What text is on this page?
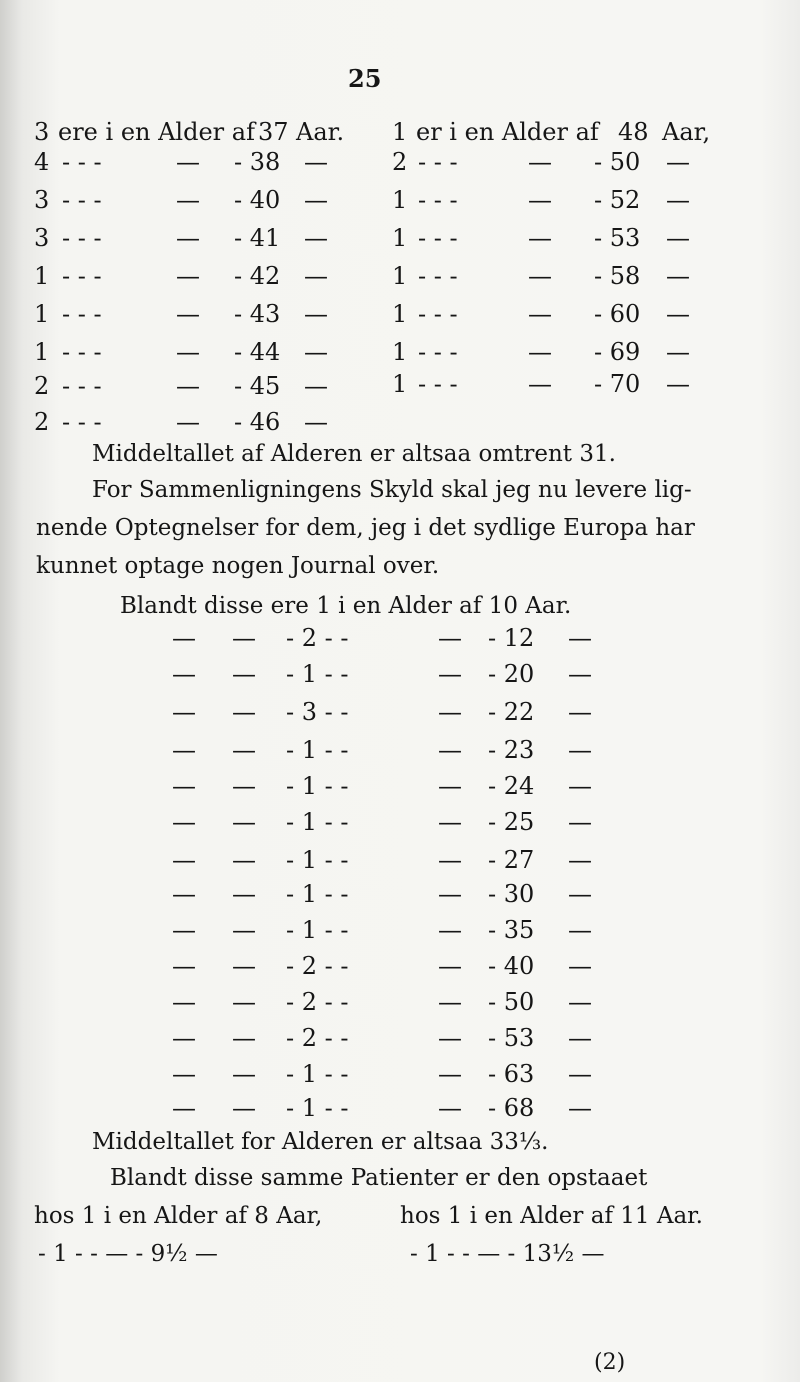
25
3 ere i en Alder af 37 Aar.
4 - - -	— - 38 —
3 - - -	— - 40 —
3 - - -	— - 41 —
1 - - -	— - 42 —
1 - - -	— - 43 —
1 - - -	— - 44 —
2 - - -	— - 45 —
2 - - -	— - 46 —
1 er i en Alder af 48 Aar,
2 - - -	— - 50 —
1 - - -	— - 52 —
1 - - -	— - 53 —
1 - - -	— - 58 —
1 - - -	— - 60 —
1 - - -	— - 69 —
1 - - -	— - 70 —
Middeltallet af Alderen er altsaa omtrent 31.
For Sammenligningens Skyld skal jeg nu levere lig-
nende Optegnelser for dem, jeg i det sydlige Europa har
kunnet optage nogen Journal over.
Blandt disse ere 1 i en Alder af 10 Aar.
— — - 2 - -	— - 12 —
— — - 1 - -	— - 20 —
— — - 3 - -	— - 22 —
— — - 1 - -	— - 23 —
— — - 1 - -	— - 24 —
— — - 1 - -	— - 25 —
— — - 1 - -	— - 27 —
— — - 1 - -	— - 30 —
— — - 1 - -	— - 35 —
— — - 2 - -	— - 40 —
— — - 2 - -	— - 50 —
— — - 2 - -	— - 53 —
— — - 1 - -	— - 63 —
— — - 1 - -	— - 68 —
Middeltallet for Alderen er altsaa 33⅓.
Blandt disse samme Patienter er den opstaaet
hos 1 i en Alder af 8 Aar,	hos 1 i en Alder af 11 Aar.
- 1 - - — - 9½ —	- 1 - - — - 13½ —
(2)
